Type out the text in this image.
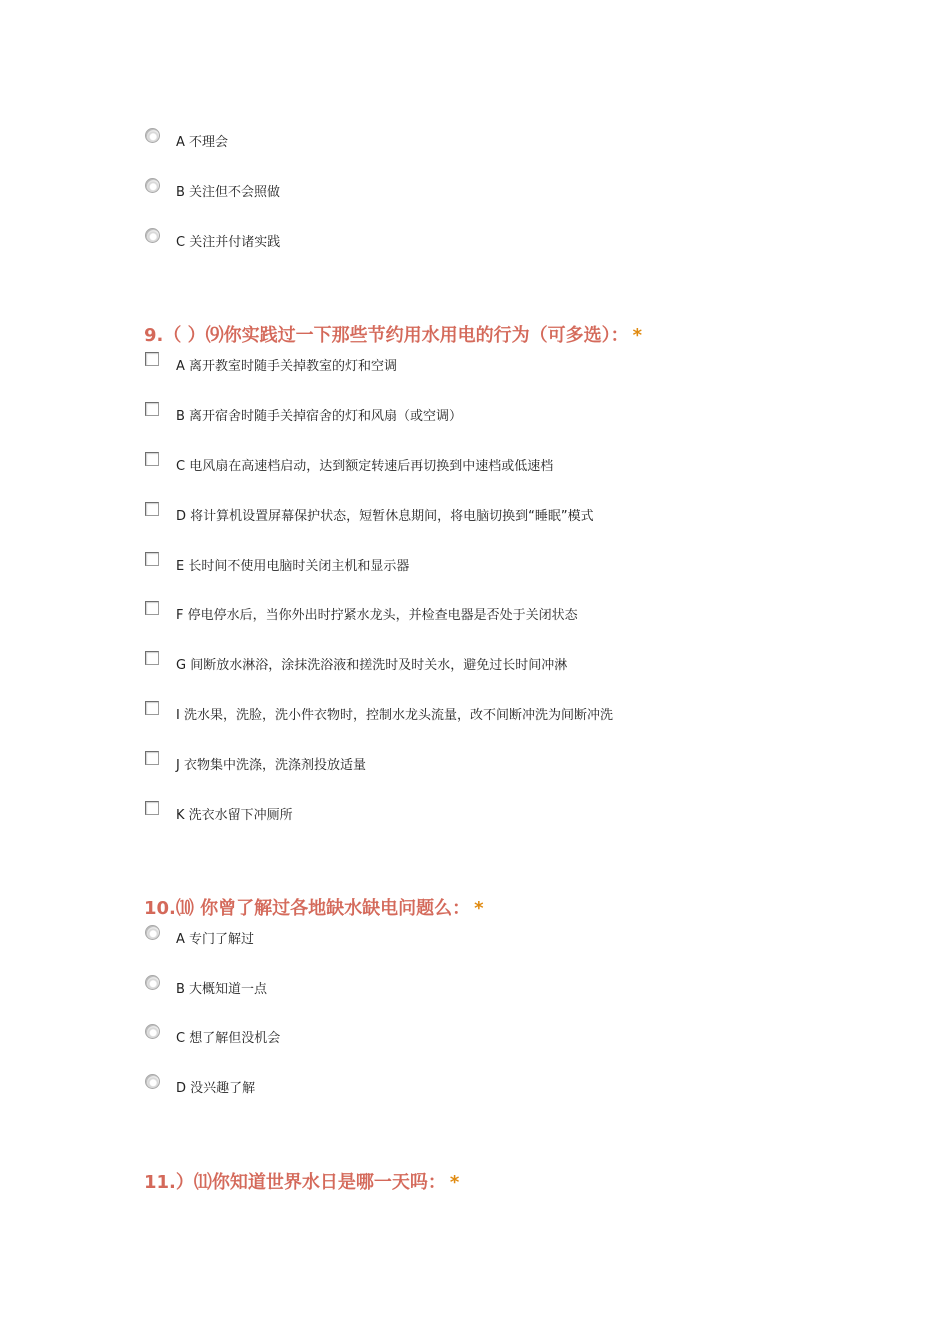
A 不理会
B 关注但不会照做
C 关注并付诸实践
9.（ ）⑼你实践过一下那些节约用水用电的行为（可多选）： *
A 离开教室时随手关掉教室的灯和空调
B 离开宿舍时随手关掉宿舍的灯和风扇（或空调）
C 电风扇在高速档启动，达到额定转速后再切换到中速档或低速档
D 将计算机设置屏幕保护状态，短暂休息期间，将电脑切换到“睡眠”模式
E 长时间不使用电脑时关闭主机和显示器
F 停电停水后，当你外出时拧紧水龙头，并检查电器是否处于关闭状态
G 间断放水淋浴，涂抹洗浴液和搓洗时及时关水，避免过长时间冲淋
I 洗水果，洗脸，洗小件衣物时，控制水龙头流量，改不间断冲洗为间断冲洗
J 衣物集中洗涤，洗涤剂投放适量
K 洗衣水留下冲厕所
10.⑽ 你曾了解过各地缺水缺电问题么： *
A 专门了解过
B 大概知道一点
C 想了解但没机会
D 没兴趣了解
11.）⑾你知道世界水日是哪一天吗： *
